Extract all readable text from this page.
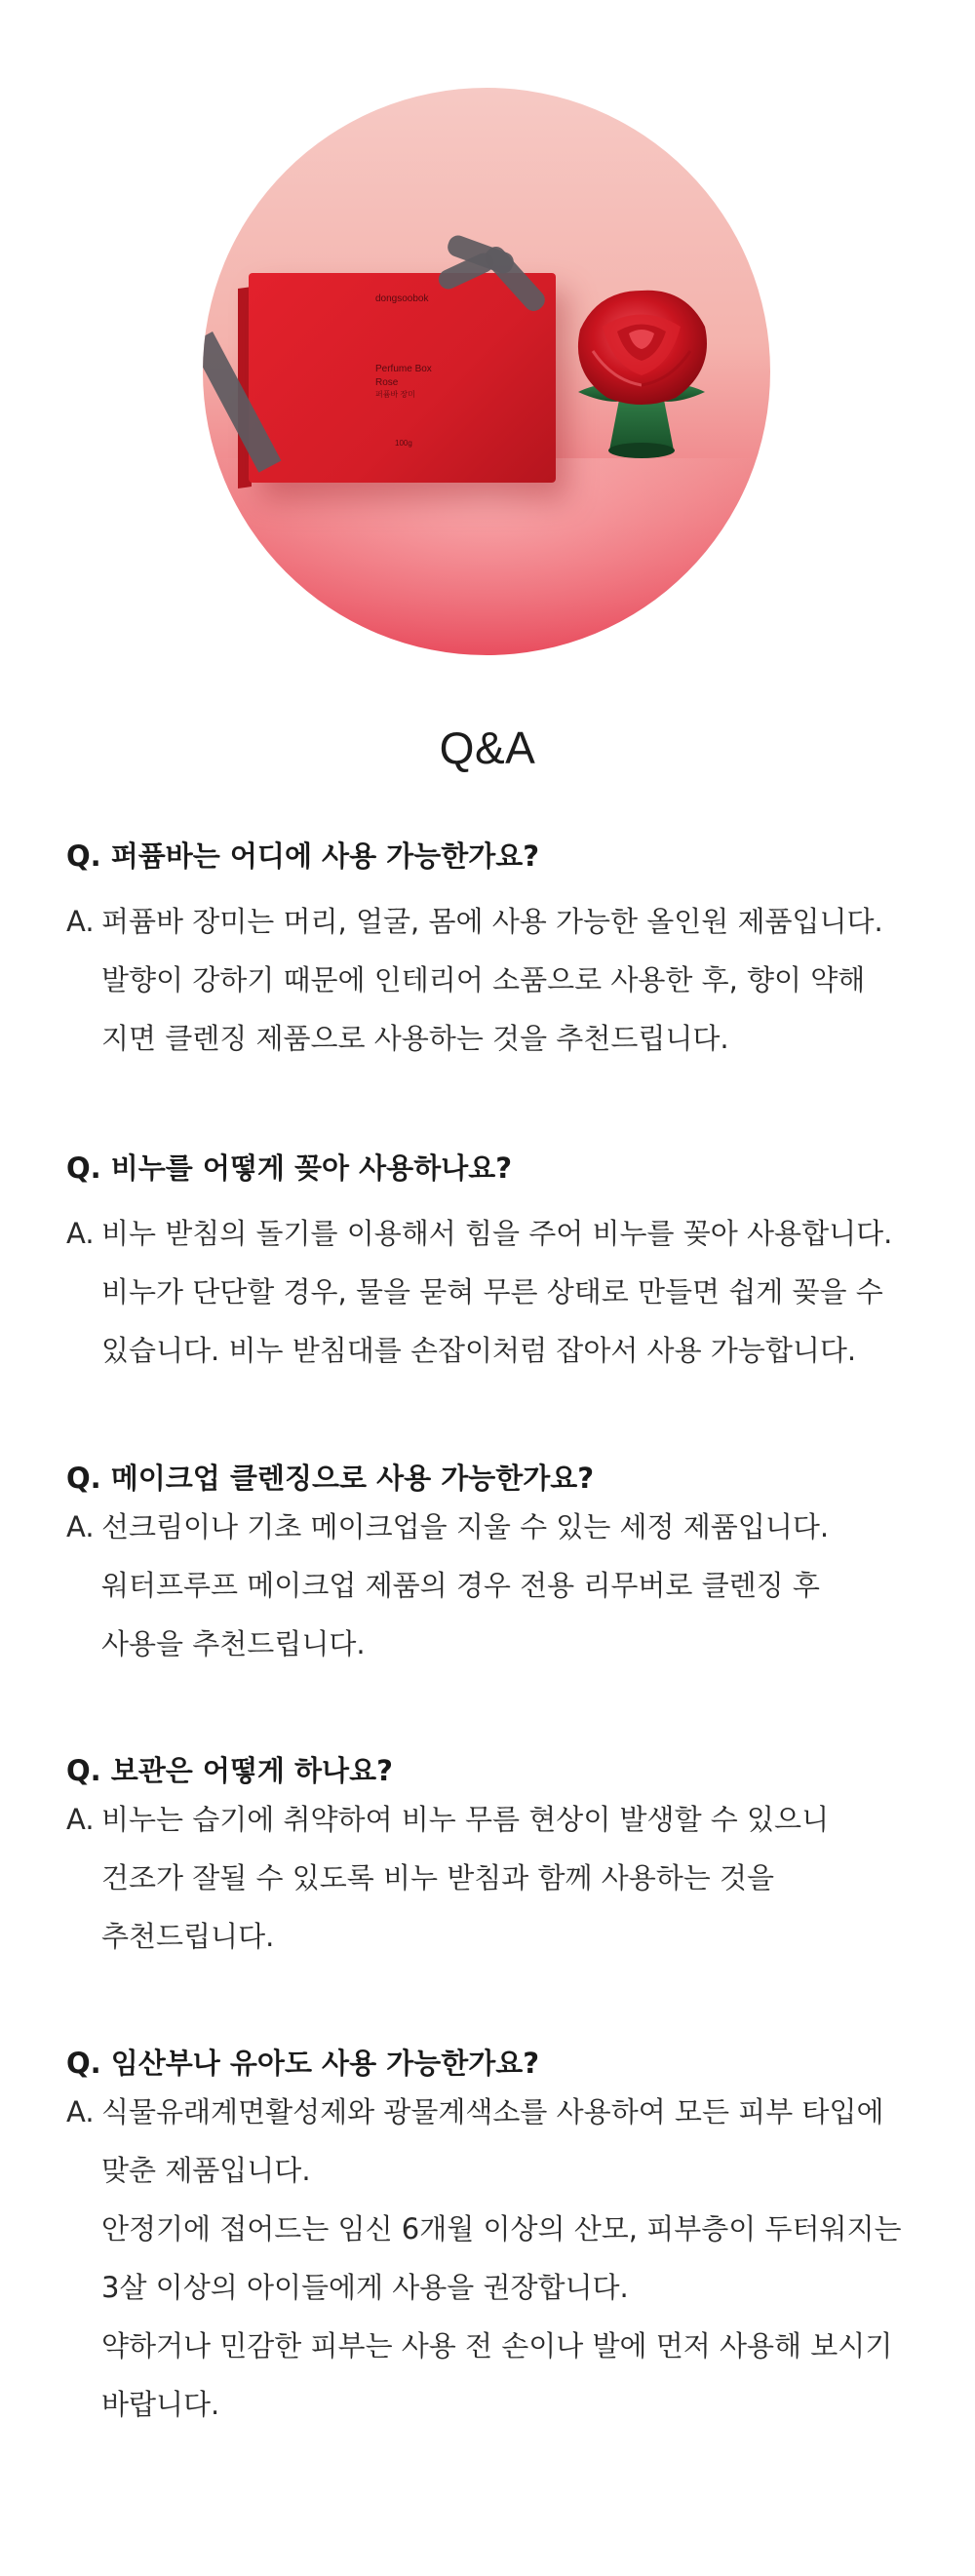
dongsoobok
Perfume Box
Rose
퍼퓸바 장미
100g
Q&A

Q. 퍼퓸바는 어디에 사용 가능한가요?

A. 퍼퓸바 장미는 머리, 얼굴, 몸에 사용 가능한 올인원 제품입니다.
발향이 강하기 때문에 인테리어 소품으로 사용한 후, 향이 약해
지면 클렌징 제품으로 사용하는 것을 추천드립니다.

Q. 비누를 어떻게 꽂아 사용하나요?

A. 비누 받침의 돌기를 이용해서 힘을 주어 비누를 꽂아 사용합니다.
비누가 단단할 경우, 물을 묻혀 무른 상태로 만들면 쉽게 꽂을 수
있습니다. 비누 받침대를 손잡이처럼 잡아서 사용 가능합니다.

Q. 메이크업 클렌징으로 사용 가능한가요?

A. 선크림이나 기초 메이크업을 지울 수 있는 세정 제품입니다.
워터프루프 메이크업 제품의 경우 전용 리무버로 클렌징 후
사용을 추천드립니다.

Q. 보관은 어떻게 하나요?

A. 비누는 습기에 취약하여 비누 무름 현상이 발생할 수 있으니
건조가 잘될 수 있도록 비누 받침과 함께 사용하는 것을
추천드립니다.

Q. 임산부나 유아도 사용 가능한가요?

A. 식물유래계면활성제와 광물계색소를 사용하여 모든 피부 타입에
맞춘 제품입니다.
안정기에 접어드는 임신 6개월 이상의 산모, 피부층이 두터워지는
3살 이상의 아이들에게 사용을 권장합니다.
약하거나 민감한 피부는 사용 전 손이나 발에 먼저 사용해 보시기
바랍니다.
